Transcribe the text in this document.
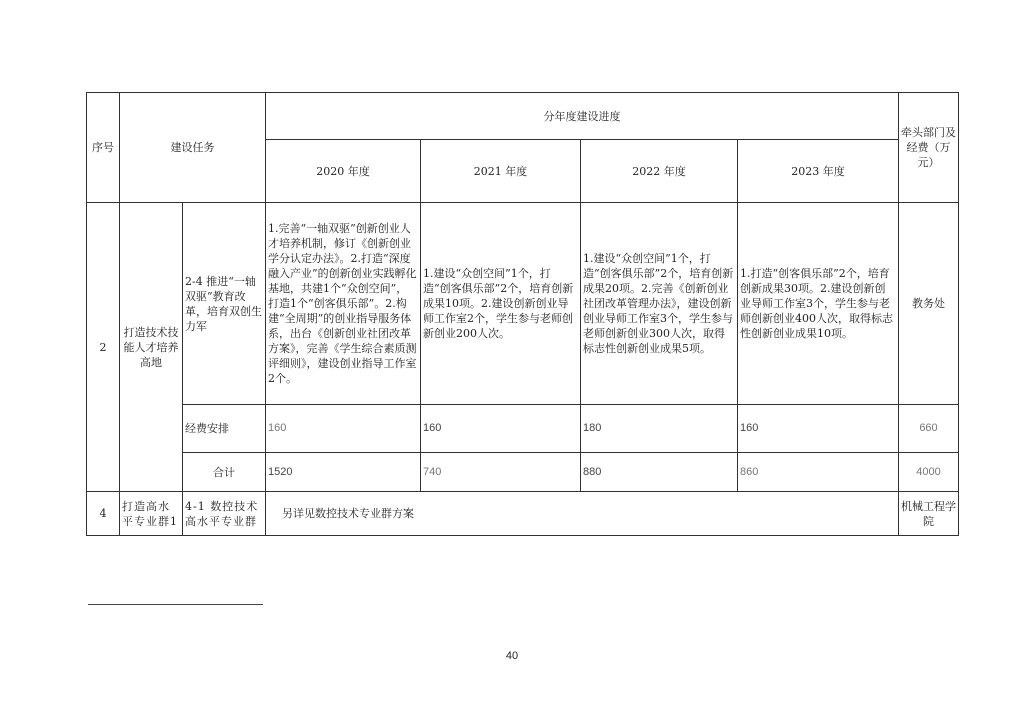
序号	建设任务		分年度建设进度				牵头部门及经费（万元）
			2020 年度	2021 年度	2022 年度	2023 年度	
2	打造技术技能人才培养高地	2-4 推进“一轴双驱”教育改革，培育双创生力军	1.完善“一轴双驱”创新创业人才培养机制，修订《创新创业学分认定办法》。2.打造“深度融入产业”的创新创业实践孵化基地，共建1个“众创空间”，打造1个“创客俱乐部”。2.构建“全周期”的创业指导服务体系，出台《创新创业社团改革方案》，完善《学生综合素质测评细则》，建设创业指导工作室2个。	1.建设“众创空间”1个，打造“创客俱乐部”2个，培育创新成果10项。2.建设创新创业导师工作室2个，学生参与老师创新创业200人次。	1.建设“众创空间”1个，打造“创客俱乐部”2个，培育创新成果20项。2.完善《创新创业社团改革管理办法》，建设创新创业导师工作室3个，学生参与老师创新创业300人次，取得标志性创新创业成果5项。	1.打造“创客俱乐部”2个，培育创新成果30项。2.建设创新创业导师工作室3个，学生参与老师创新创业400人次，取得标志性创新创业成果10项。	教务处
		经费安排	160	160	180	160	660
		合计	1520	740	880	860	4000
4	打造高水平专业群1	4-1 数控技术高水平专业群	另详见数控技术专业群方案				机械工程学院
40
